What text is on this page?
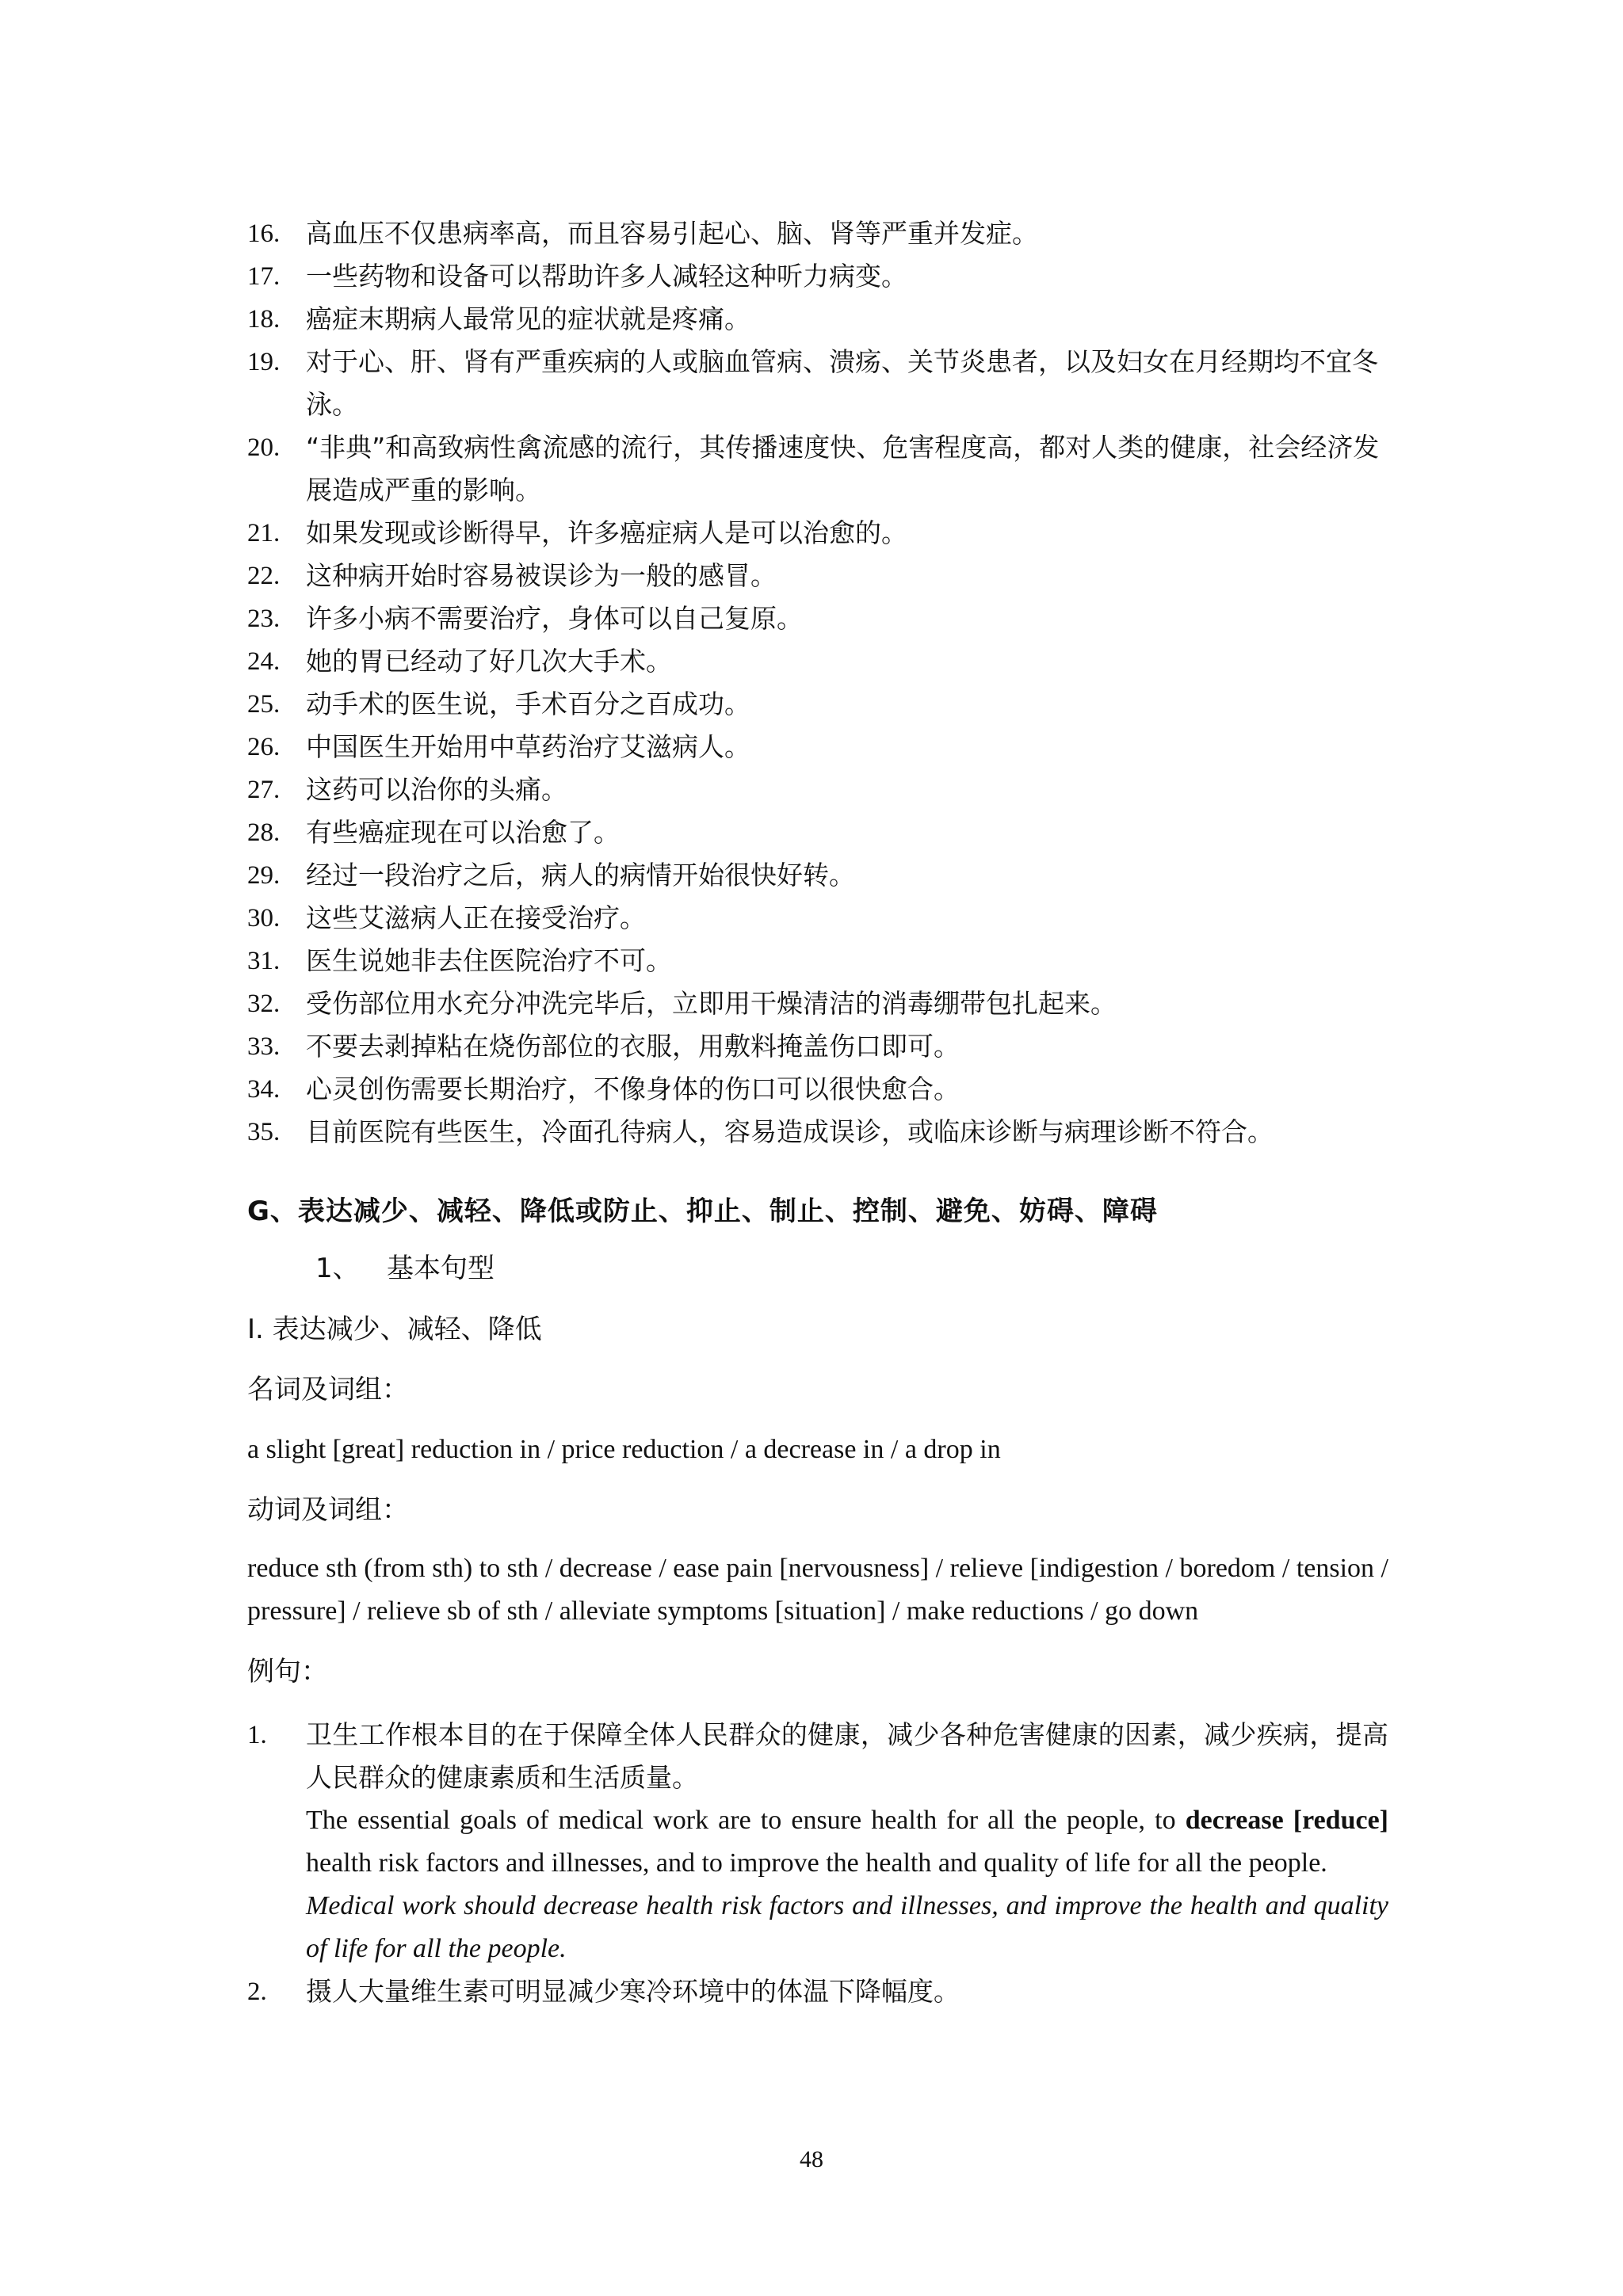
16. 高血压不仅患病率高，而且容易引起心、脑、肾等严重并发症。
17. 一些药物和设备可以帮助许多人减轻这种听力病变。
18. 癌症末期病人最常见的症状就是疼痛。
19. 对于心、肝、肾有严重疾病的人或脑血管病、溃疡、关节炎患者，以及妇女在月经期均不宜冬泳。
20. “非典”和高致病性禽流感的流行，其传播速度快、危害程度高，都对人类的健康，社会经济发展造成严重的影响。
21. 如果发现或诊断得早，许多癌症病人是可以治愈的。
22. 这种病开始时容易被误诊为一般的感冒。
23. 许多小病不需要治疗，身体可以自己复原。
24. 她的胃已经动了好几次大手术。
25. 动手术的医生说，手术百分之百成功。
26. 中国医生开始用中草药治疗艾滋病人。
27. 这药可以治你的头痛。
28. 有些癌症现在可以治愈了。
29. 经过一段治疗之后，病人的病情开始很快好转。
30. 这些艾滋病人正在接受治疗。
31. 医生说她非去住医院治疗不可。
32. 受伤部位用水充分冲洗完毕后，立即用干燥清洁的消毒绷带包扎起来。
33. 不要去剥掉粘在烧伤部位的衣服，用敷料掩盖伤口即可。
34. 心灵创伤需要长期治疗，不像身体的伤口可以很快愈合。
35. 目前医院有些医生，冷面孔待病人，容易造成误诊，或临床诊断与病理诊断不符合。
G、表达减少、减轻、降低或防止、抑止、制止、控制、避免、妨碍、障碍
1、 基本句型
I. 表达减少、减轻、降低
名词及词组：
a slight [great] reduction in / price reduction / a decrease in / a drop in
动词及词组：
reduce sth (from sth) to sth / decrease / ease pain [nervousness] / relieve [indigestion / boredom / tension / pressure] / relieve sb of sth / alleviate symptoms [situation] / make reductions / go down
例句：
1.	卫生工作根本目的在于保障全体人民群众的健康，减少各种危害健康的因素，减少疾病，提高人民群众的健康素质和生活质量。
The essential goals of medical work are to ensure health for all the people, to decrease [reduce] health risk factors and illnesses, and to improve the health and quality of life for all the people.
Medical work should decrease health risk factors and illnesses, and improve the health and quality of life for all the people.
2.	摄人大量维生素可明显减少寒冷环境中的体温下降幅度。
48
